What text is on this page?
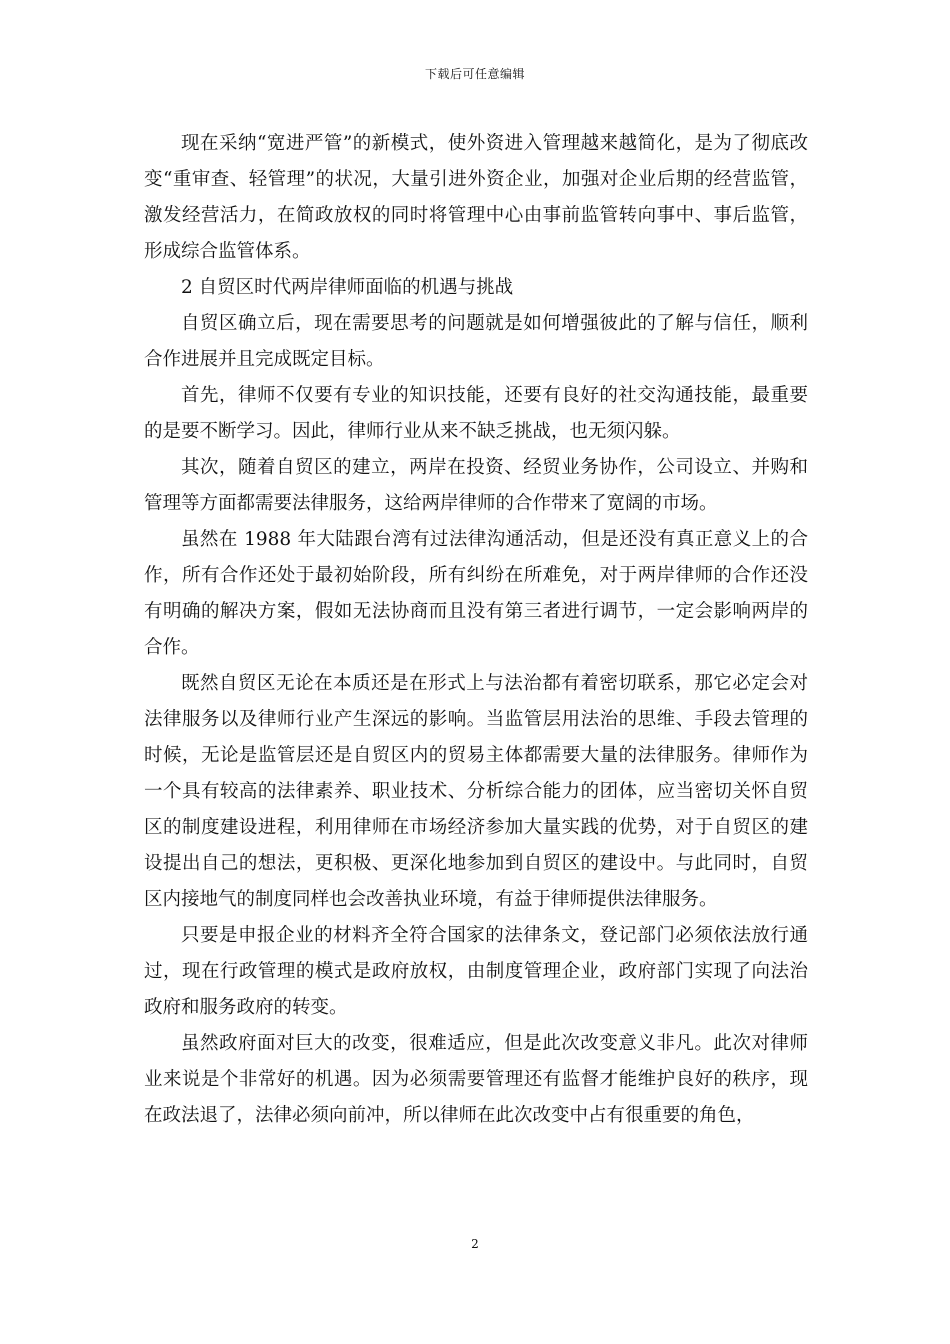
下载后可任意编辑

现在采纳“宽进严管”的新模式，使外资进入管理越来越简化，是为了彻底改变“重审查、轻管理”的状况，大量引进外资企业，加强对企业后期的经营监管，激发经营活力，在简政放权的同时将管理中心由事前监管转向事中、事后监管，形成综合监管体系。

2 自贸区时代两岸律师面临的机遇与挑战

自贸区确立后，现在需要思考的问题就是如何增强彼此的了解与信任，顺利合作进展并且完成既定目标。

首先，律师不仅要有专业的知识技能，还要有良好的社交沟通技能，最重要的是要不断学习。因此，律师行业从来不缺乏挑战，也无须闪躲。

其次，随着自贸区的建立，两岸在投资、经贸业务协作，公司设立、并购和管理等方面都需要法律服务，这给两岸律师的合作带来了宽阔的市场。

虽然在 1988 年大陆跟台湾有过法律沟通活动，但是还没有真正意义上的合作，所有合作还处于最初始阶段，所有纠纷在所难免，对于两岸律师的合作还没有明确的解决方案，假如无法协商而且没有第三者进行调节，一定会影响两岸的合作。

既然自贸区无论在本质还是在形式上与法治都有着密切联系，那它必定会对法律服务以及律师行业产生深远的影响。当监管层用法治的思维、手段去管理的时候，无论是监管层还是自贸区内的贸易主体都需要大量的法律服务。律师作为一个具有较高的法律素养、职业技术、分析综合能力的团体，应当密切关怀自贸区的制度建设进程，利用律师在市场经济参加大量实践的优势，对于自贸区的建设提出自己的想法，更积极、更深化地参加到自贸区的建设中。与此同时，自贸区内接地气的制度同样也会改善执业环境，有益于律师提供法律服务。

只要是申报企业的材料齐全符合国家的法律条文，登记部门必须依法放行通过，现在行政管理的模式是政府放权，由制度管理企业，政府部门实现了向法治政府和服务政府的转变。

虽然政府面对巨大的改变，很难适应，但是此次改变意义非凡。此次对律师业来说是个非常好的机遇。因为必须需要管理还有监督才能维护良好的秩序，现在政法退了，法律必须向前冲，所以律师在此次改变中占有很重要的角色，

2
